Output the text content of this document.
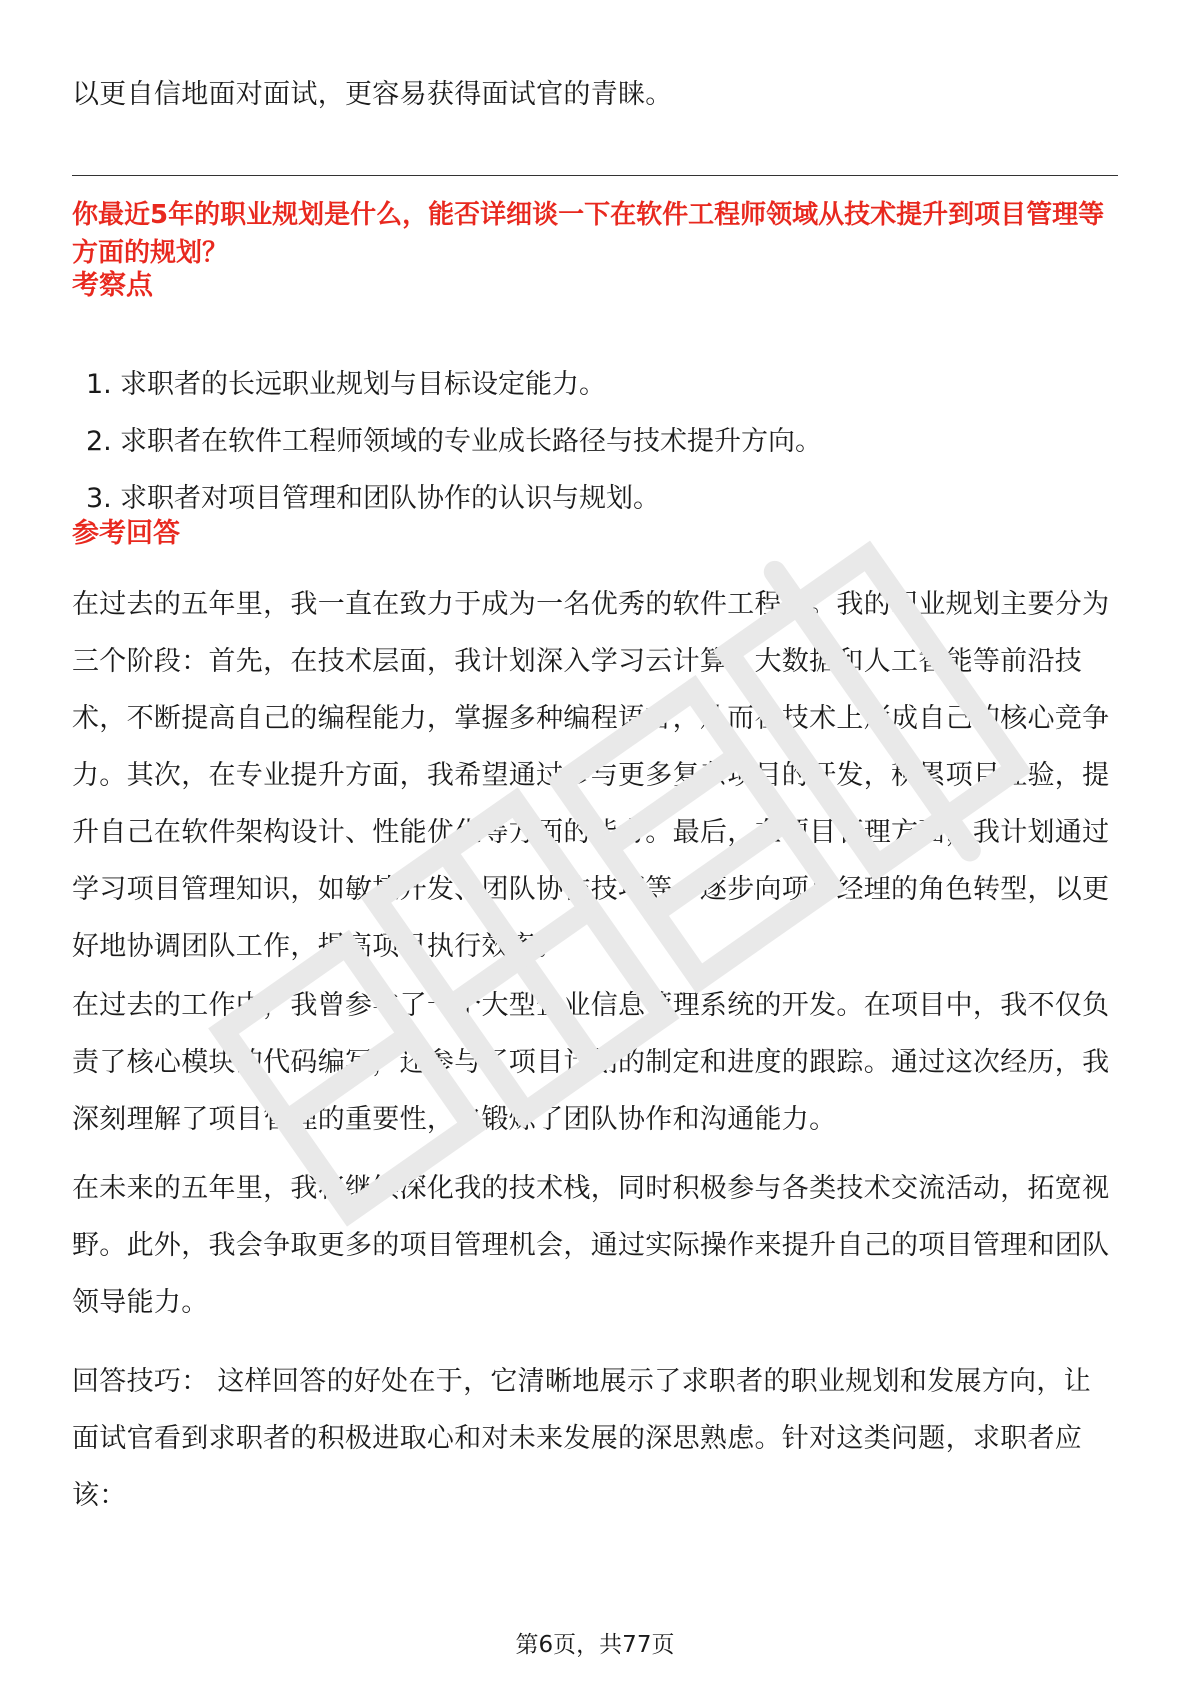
以更自信地面对面试，更容易获得面试官的青睐。

你最近5年的职业规划是什么，能否详细谈一下在软件工程师领域从技术提升到项目管理等方面的规划？

考察点

1. 求职者的长远职业规划与目标设定能力。
2. 求职者在软件工程师领域的专业成长路径与技术提升方向。
3. 求职者对项目管理和团队协作的认识与规划。

参考回答

在过去的五年里，我一直在致力于成为一名优秀的软件工程师。我的职业规划主要分为三个阶段：首先，在技术层面，我计划深入学习云计算、大数据和人工智能等前沿技术，不断提高自己的编程能力，掌握多种编程语言，从而在技术上形成自己的核心竞争力。其次，在专业提升方面，我希望通过参与更多复杂项目的开发，积累项目经验，提升自己在软件架构设计、性能优化等方面的能力。最后，在项目管理方面，我计划通过学习项目管理知识，如敏捷开发、团队协作技巧等，逐步向项目经理的角色转型，以更好地协调团队工作，提高项目执行效率。

在过去的工作中，我曾参与了一个大型企业信息管理系统的开发。在项目中，我不仅负责了核心模块的代码编写，还参与了项目计划的制定和进度的跟踪。通过这次经历，我深刻理解了项目管理的重要性，也锻炼了团队协作和沟通能力。

在未来的五年里，我将继续深化我的技术栈，同时积极参与各类技术交流活动，拓宽视野。此外，我会争取更多的项目管理机会，通过实际操作来提升自己的项目管理和团队领导能力。

回答技巧： 这样回答的好处在于，它清晰地展示了求职者的职业规划和发展方向，让面试官看到求职者的积极进取心和对未来发展的深思熟虑。针对这类问题，求职者应该：

第6页，共77页
